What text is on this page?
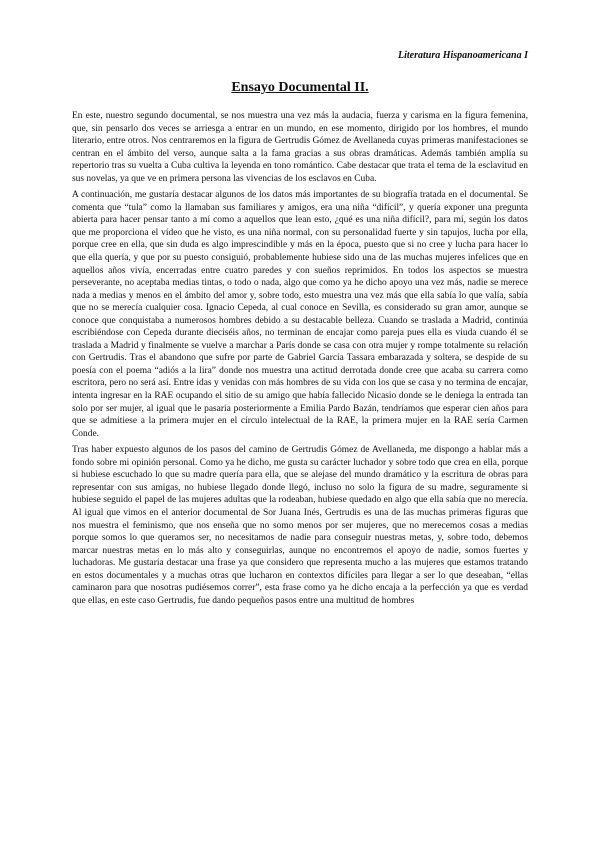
Literatura Hispanoamericana I
Ensayo Documental II.

En este, nuestro segundo documental, se nos muestra una vez más la audacia, fuerza y carisma en la figura femenina, que, sin pensarlo dos veces se arriesga a entrar en un mundo, en ese momento, dirigido por los hombres, el mundo literario, entre otros. Nos centraremos en la figura de Gertrudis Gómez de Avellaneda cuyas primeras manifestaciones se centran en el ámbito del verso, aunque salta a la fama gracias a sus obras dramáticas. Además también amplía su repertorio tras su vuelta a Cuba cultiva la leyenda en tono romántico. Cabe destacar que trata el tema de la esclavitud en sus novelas, ya que ve en primera persona las vivencias de los esclavos en Cuba.

A continuación, me gustaría destacar algunos de los datos más importantes de su biografía tratada en el documental. Se comenta que “tula” como la llamaban sus familiares y amigos, era una niña “difícil”, y quería exponer una pregunta abierta para hacer pensar tanto a mí como a aquellos que lean esto, ¿qué es una niña difícil?, para mí, según los datos que me proporciona el vídeo que he visto, es una niña normal, con su personalidad fuerte y sin tapujos, lucha por ella, porque cree en ella, que sin duda es algo imprescindible y más en la época, puesto que si no cree y lucha para hacer lo que ella quería, y que por su puesto consiguió, probablemente hubiese sido una de las muchas mujeres infelices que en aquellos años vivía, encerradas entre cuatro paredes y con sueños reprimidos. En todos los aspectos se muestra perseverante, no aceptaba medias tintas, o todo o nada, algo que como ya he dicho apoyo una vez más, nadie se merece nada a medias y menos en el ámbito del amor y, sobre todo, esto muestra una vez más que ella sabía lo que valía, sabía que no se merecía cualquier cosa. Ignacio Cepeda, al cual conoce en Sevilla, es considerado su gran amor, aunque se conoce que conquistaba a numerosos hombres debido a su destacable belleza. Cuando se traslada a Madrid, continúa escribiéndose con Cepeda durante dieciséis años, no terminan de encajar como pareja pues ella es viuda cuando él se traslada a Madrid y finalmente se vuelve a marchar a París donde se casa con otra mujer y rompe totalmente su relación con Gertrudis. Tras el abandono que sufre por parte de Gabriel García Tassara embarazada y soltera, se despide de su poesía con el poema “adiós a la lira” donde nos muestra una actitud derrotada donde cree que acaba su carrera como escritora, pero no será así. Entre idas y venidas con más hombres de su vida con los que se casa y no termina de encajar, intenta ingresar en la RAE ocupando el sitio de su amigo que había fallecido Nicasio donde se le deniega la entrada tan solo por ser mujer, al igual que le pasaría posteriormente a Emilia Pardo Bazán, tendríamos que esperar cien años para que se admitiese a la primera mujer en el círculo intelectual de la RAE, la primera mujer en la RAE sería Carmen Conde.

Tras haber expuesto algunos de los pasos del camino de Gertrudis Gómez de Avellaneda, me dispongo a hablar más a fondo sobre mi opinión personal. Como ya he dicho, me gusta su carácter luchador y sobre todo que crea en ella, porque si hubiese escuchado lo que su madre quería para ella, que se alejase del mundo dramático y la escritura de obras para representar con sus amigas, no hubiese llegado donde llegó, incluso no solo la figura de su madre, seguramente si hubiese seguido el papel de las mujeres adultas que la rodeaban, hubiese quedado en algo que ella sabía que no merecía. Al igual que vimos en el anterior documental de Sor Juana Inés, Gertrudis es una de las muchas primeras figuras que nos muestra el feminismo, que nos enseña que no somo menos por ser mujeres, que no merecemos cosas a medias porque somos lo que queramos ser, no necesitamos de nadie para conseguir nuestras metas, y, sobre todo, debemos marcar nuestras metas en lo más alto y conseguirlas, aunque no encontremos el apoyo de nadie, somos fuertes y luchadoras. Me gustaría destacar una frase ya que considero que representa mucho a las mujeres que estamos tratando en estos documentales y a muchas otras que lucharon en contextos difíciles para llegar a ser lo que deseaban, “ellas caminaron para que nosotras pudiésemos correr”, esta frase como ya he dicho encaja a la perfección ya que es verdad que ellas, en este caso Gertrudis, fue dando pequeños pasos entre una multitud de hombres
